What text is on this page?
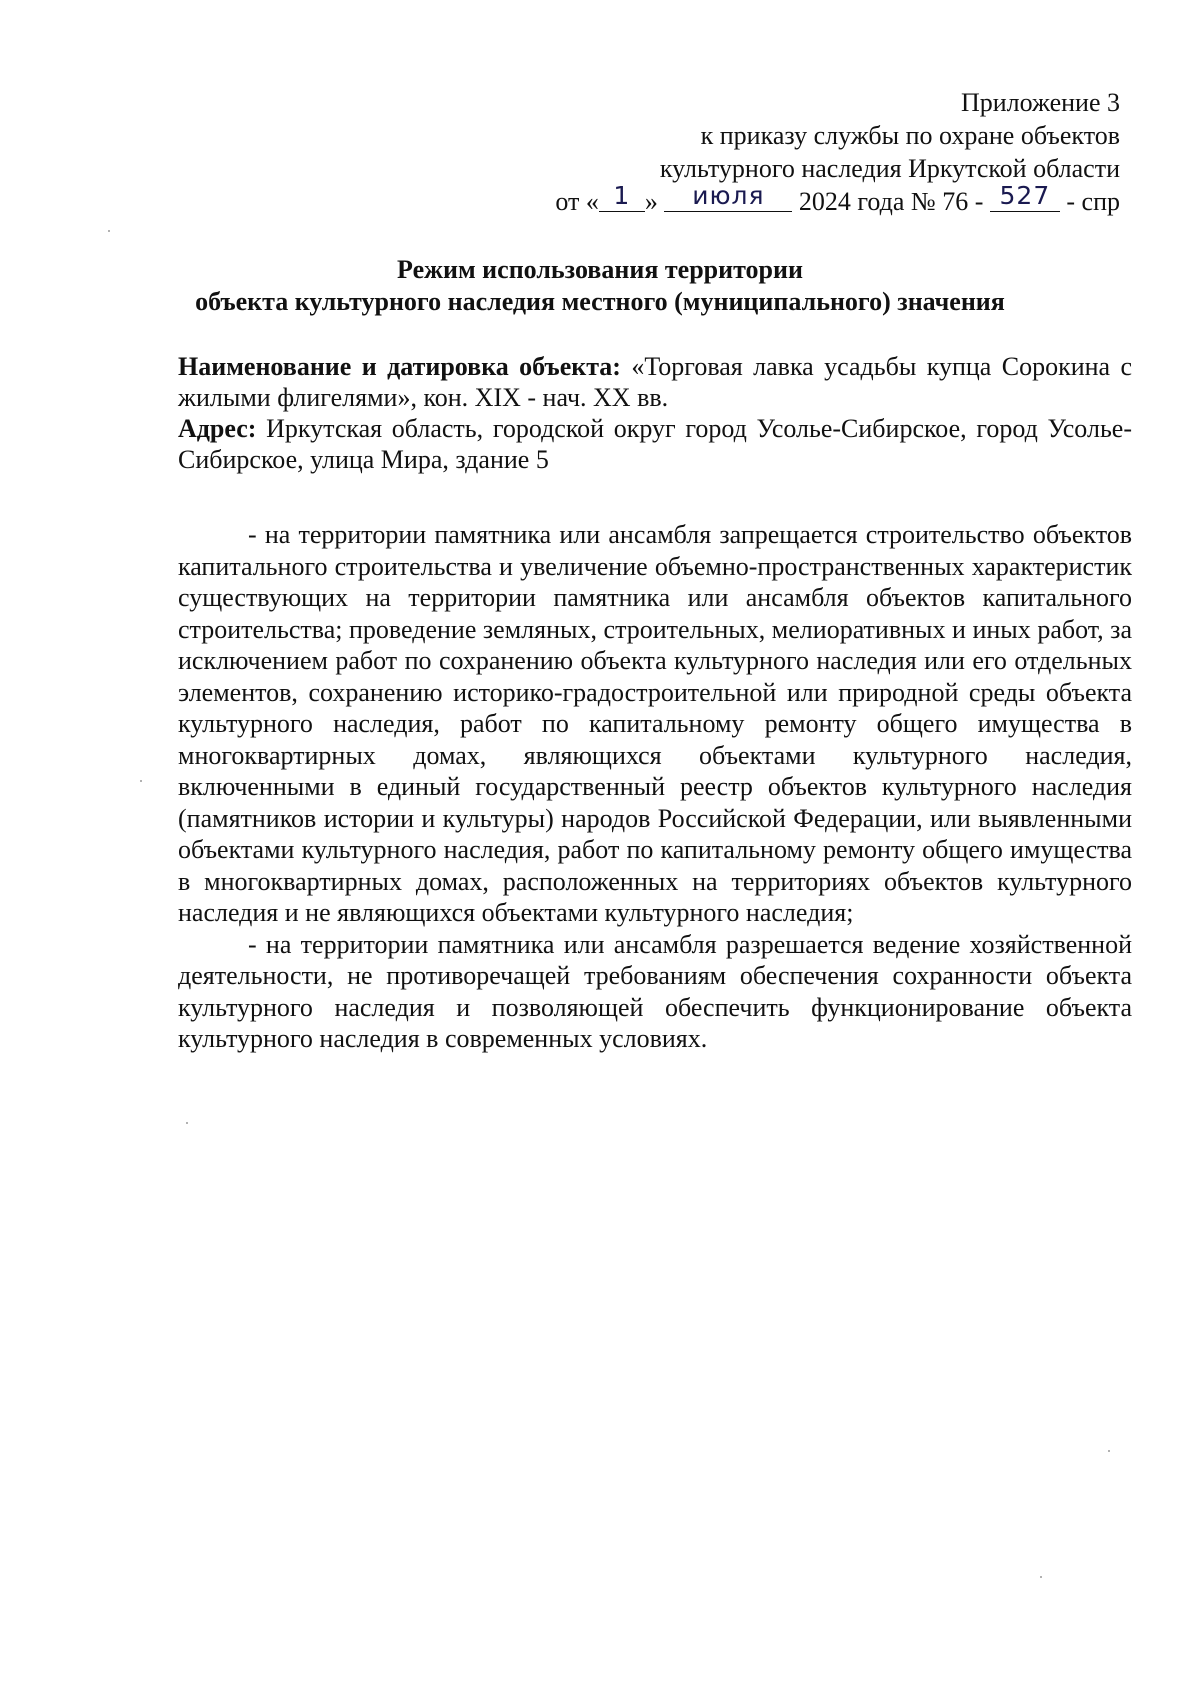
Приложение 3
к приказу службы по охране объектов
культурного наследия Иркутской области
от « 1 » июля 2024 года № 76 - 527 - спр
Режим использования территории
объекта культурного наследия местного (муниципального) значения

Наименование и датировка объекта: «Торговая лавка усадьбы купца Сорокина с жилыми флигелями», кон. XIX - нач. XX вв.

Адрес: Иркутская область, городской округ город Усолье-Сибирское, город Усолье-Сибирское, улица Мира, здание 5

- на территории памятника или ансамбля запрещается строительство объектов капитального строительства и увеличение объемно-пространственных характеристик существующих на территории памятника или ансамбля объектов капитального строительства; проведение земляных, строительных, мелиоративных и иных работ, за исключением работ по сохранению объекта культурного наследия или его отдельных элементов, сохранению историко-градостроительной или природной среды объекта культурного наследия, работ по капитальному ремонту общего имущества в многоквартирных домах, являющихся объектами культурного наследия, включенными в единый государственный реестр объектов культурного наследия (памятников истории и культуры) народов Российской Федерации, или выявленными объектами культурного наследия, работ по капитальному ремонту общего имущества в многоквартирных домах, расположенных на территориях объектов культурного наследия и не являющихся объектами культурного наследия;

- на территории памятника или ансамбля разрешается ведение хозяйственной деятельности, не противоречащей требованиям обеспечения сохранности объекта культурного наследия и позволяющей обеспечить функционирование объекта культурного наследия в современных условиях.
